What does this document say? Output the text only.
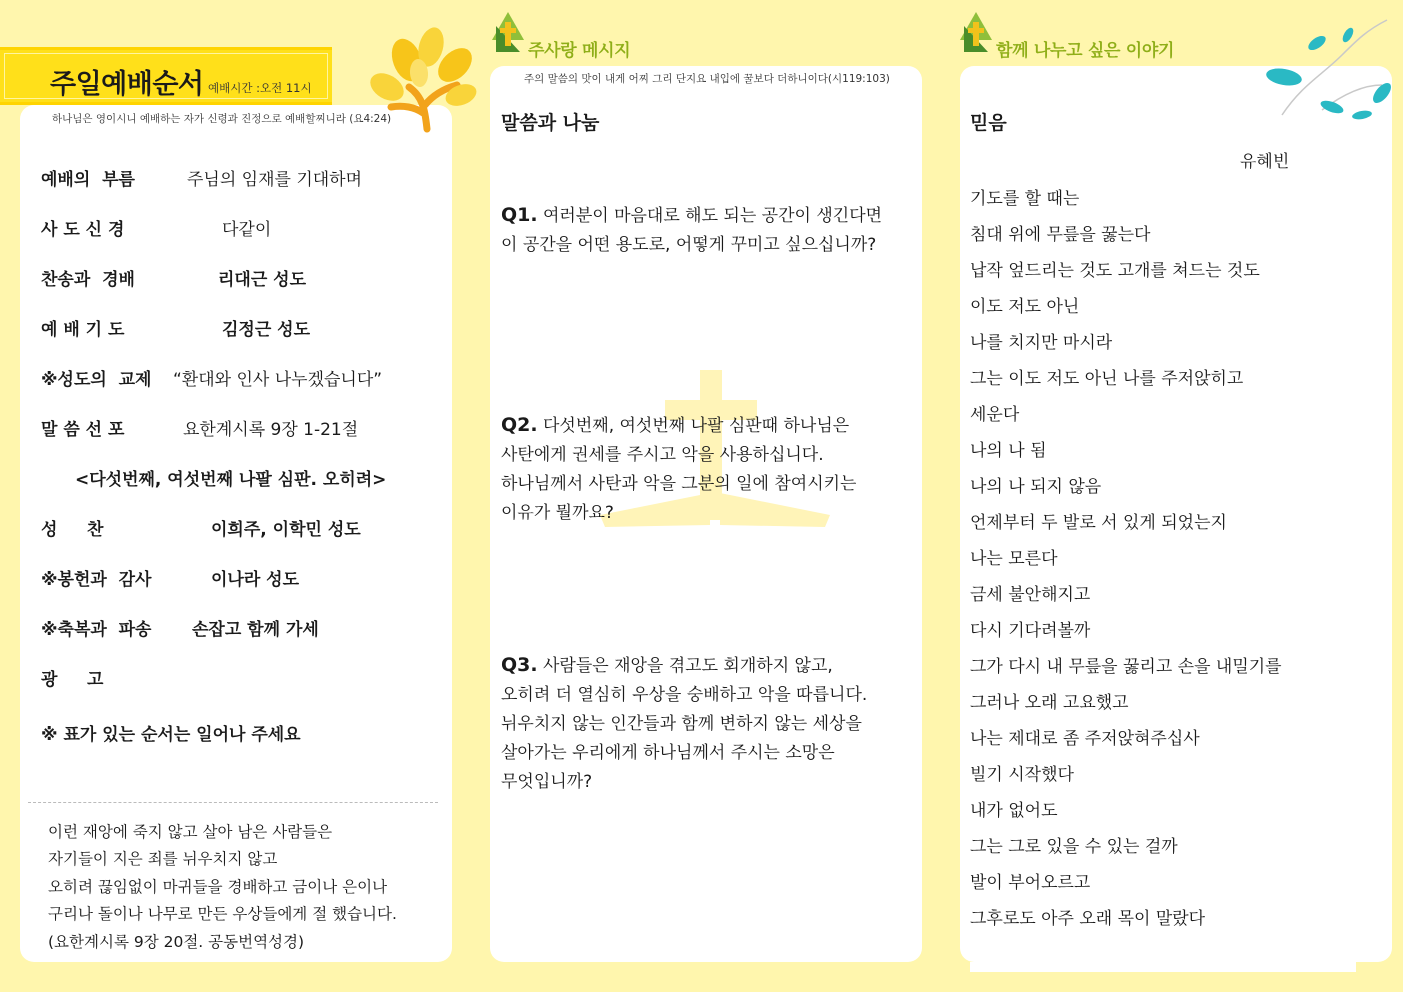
주일예배순서 예배시간 :오전 11시
하나님은 영이시니 예배하는 자가 신령과 진정으로 예배할찌니라 (요4:24)
예배의  부름	주님의 임재를 기대하며
사 도 신 경	다같이
찬송과  경배	리대근 성도
예 배 기 도	김정근 성도
※성도의  교제 “환대와 인사 나누겠습니다”
말 씀 선 포	요한계시록 9장 1-21절
<다섯번째, 여섯번째 나팔 심판. 오히려>
성     찬	이희주, 이학민 성도
※봉헌과  감사	이나라 성도
※축복과  파송 손잡고 함께 가세
광     고
※ 표가 있는 순서는 일어나 주세요
이런 재앙에 죽지 않고 살아 남은 사람들은
자기들이 지은 죄를 뉘우치지 않고
오히려 끊임없이 마귀들을 경배하고 금이나 은이나
구리나 돌이나 나무로 만든 우상들에게 절 했습니다.
(요한계시록 9장 20절. 공동번역성경)
주사랑 메시지
주의 말씀의 맛이 내게 어찌 그리 단지요 내입에 꿀보다 더하니이다(시119:103)
말씀과 나눔
Q1. 여러분이 마음대로 해도 되는 공간이 생긴다면
이 공간을 어떤 용도로, 어떻게 꾸미고 싶으십니까?
Q2. 다섯번째, 여섯번째 나팔 심판때 하나님은
사탄에게 권세를 주시고 악을 사용하십니다.
하나님께서 사탄과 악을 그분의 일에 참여시키는
이유가 뭘까요?
Q3. 사람들은 재앙을 겪고도 회개하지 않고,
오히려 더 열심히 우상을 숭배하고 악을 따릅니다.
뉘우치지 않는 인간들과 함께 변하지 않는 세상을
살아가는 우리에게 하나님께서 주시는 소망은
무엇입니까?
함께 나누고 싶은 이야기
믿음
유혜빈
기도를 할 때는
침대 위에 무릎을 꿇는다
납작 엎드리는 것도 고개를 쳐드는 것도
이도 저도 아닌
나를 치지만 마시라
그는 이도 저도 아닌 나를 주저앉히고
세운다
나의 나 됨
나의 나 되지 않음
언제부터 두 발로 서 있게 되었는지
나는 모른다
금세 불안해지고
다시 기다려볼까
그가 다시 내 무릎을 꿇리고 손을 내밀기를
그러나 오래 고요했고
나는 제대로 좀 주저앉혀주십사
빌기 시작했다
내가 없어도
그는 그로 있을 수 있는 걸까
발이 부어오르고
그후로도 아주 오래 목이 말랐다
